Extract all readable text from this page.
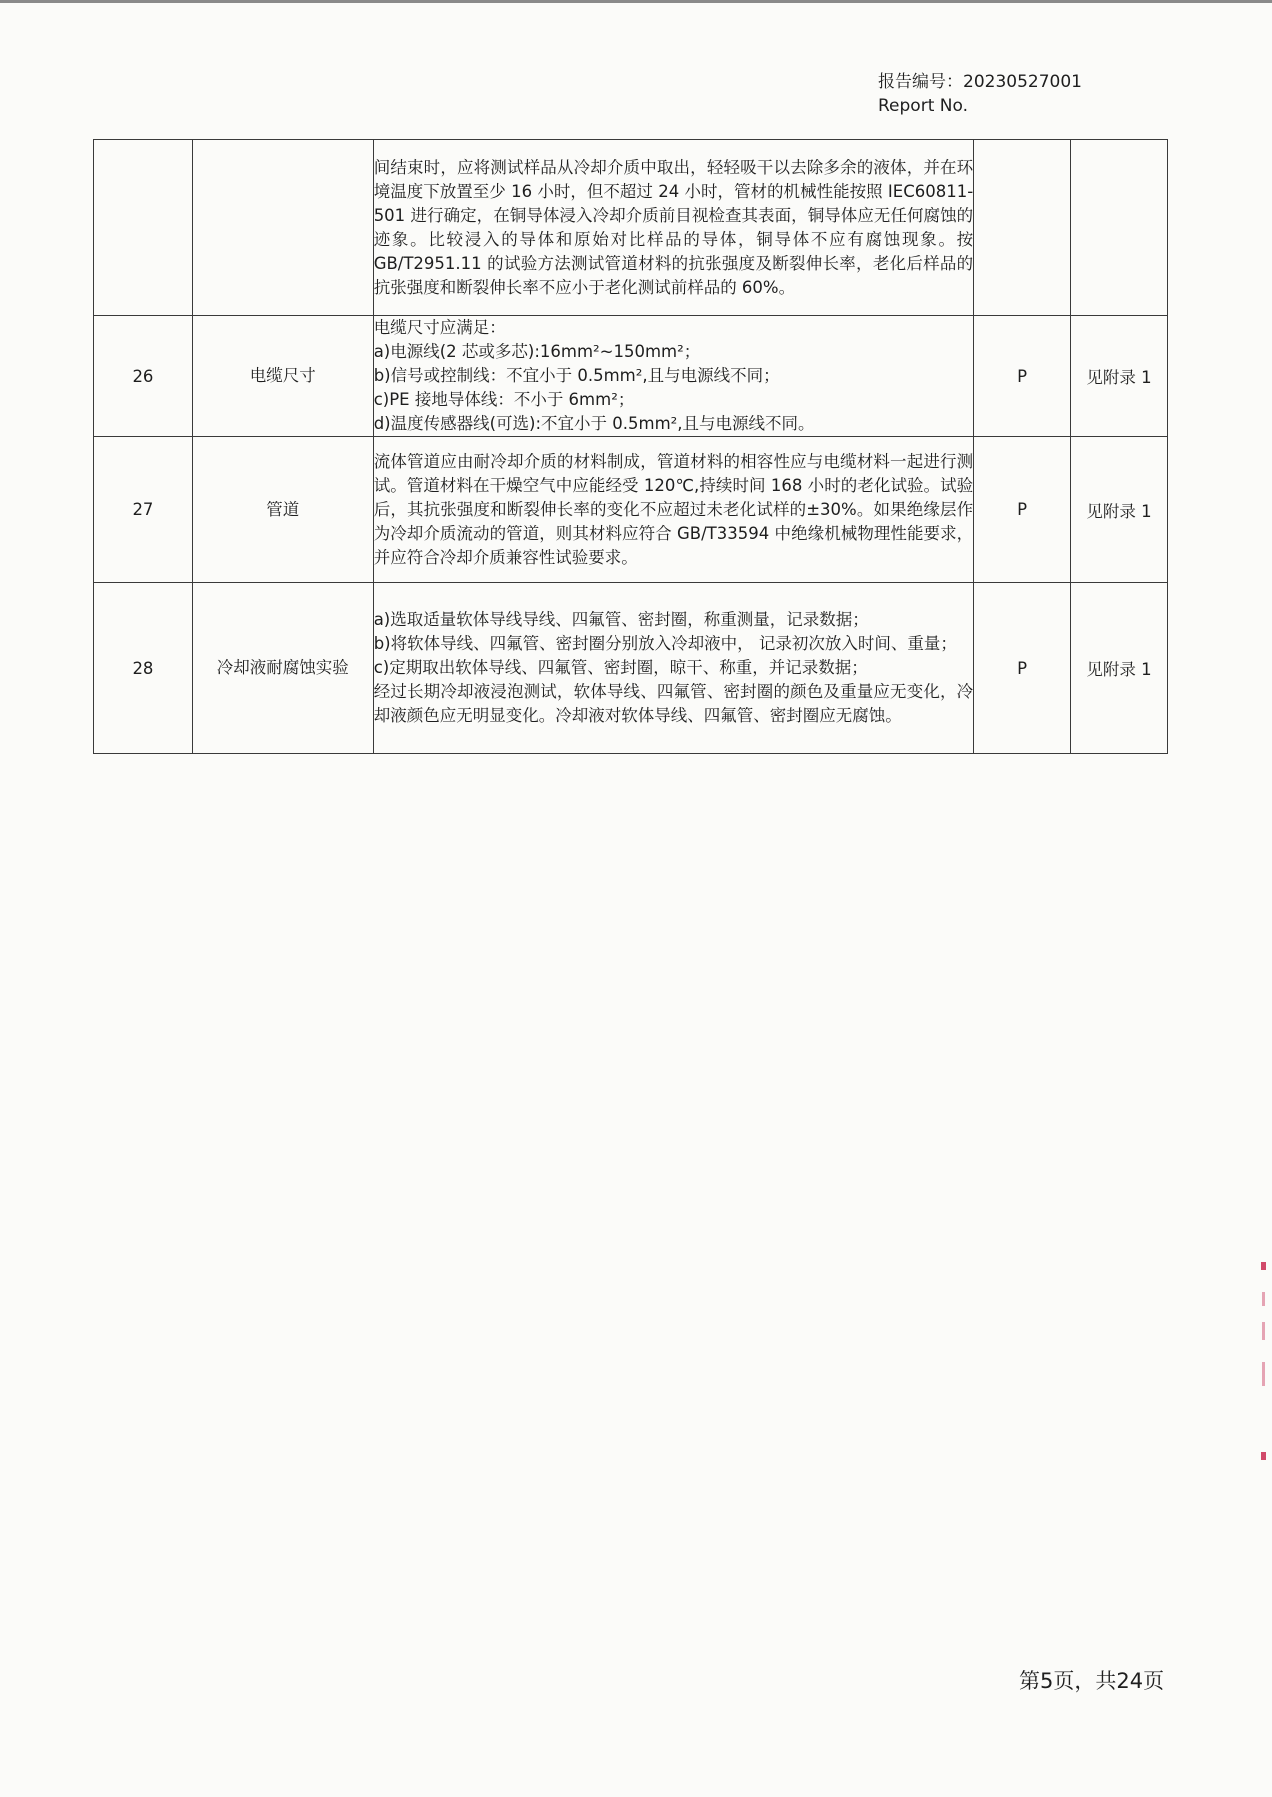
报告编号：20230527001
Report No.

		间结束时，应将测试样品从冷却介质中取出，轻轻吸干以去除多余的液体，并在环境温度下放置至少 16 小时，但不超过 24 小时，管材的机械性能按照 IEC60811-501 进行确定，在铜导体浸入冷却介质前目视检查其表面，铜导体应无任何腐蚀的迹象。比较浸入的导体和原始对比样品的导体，铜导体不应有腐蚀现象。按 GB/T2951.11 的试验方法测试管道材料的抗张强度及断裂伸长率，老化后样品的抗张强度和断裂伸长率不应小于老化测试前样品的 60%。		

26	电缆尺寸	电缆尺寸应满足：
a)电源线(2 芯或多芯):16mm²~150mm²；
b)信号或控制线：不宜小于 0.5mm²,且与电源线不同；
c)PE 接地导体线：不小于 6mm²；
d)温度传感器线(可选):不宜小于 0.5mm²,且与电源线不同。	P	见附录 1
27	管道	流体管道应由耐冷却介质的材料制成，管道材料的相容性应与电缆材料一起进行测试。管道材料在干燥空气中应能经受 120℃,持续时间 168 小时的老化试验。试验后，其抗张强度和断裂伸长率的变化不应超过未老化试样的±30%。如果绝缘层作为冷却介质流动的管道，则其材料应符合 GB/T33594 中绝缘机械物理性能要求，并应符合冷却介质兼容性试验要求。	P	见附录 1
28	冷却液耐腐蚀实验	a)选取适量软体导线导线、四氟管、密封圈，称重测量，记录数据；
b)将软体导线、四氟管、密封圈分别放入冷却液中， 记录初次放入时间、重量；
c)定期取出软体导线、四氟管、密封圈，晾干、称重，并记录数据；
经过长期冷却液浸泡测试，软体导线、四氟管、密封圈的颜色及重量应无变化，冷却液颜色应无明显变化。冷却液对软体导线、四氟管、密封圈应无腐蚀。	P	见附录 1
第5页，共24页
